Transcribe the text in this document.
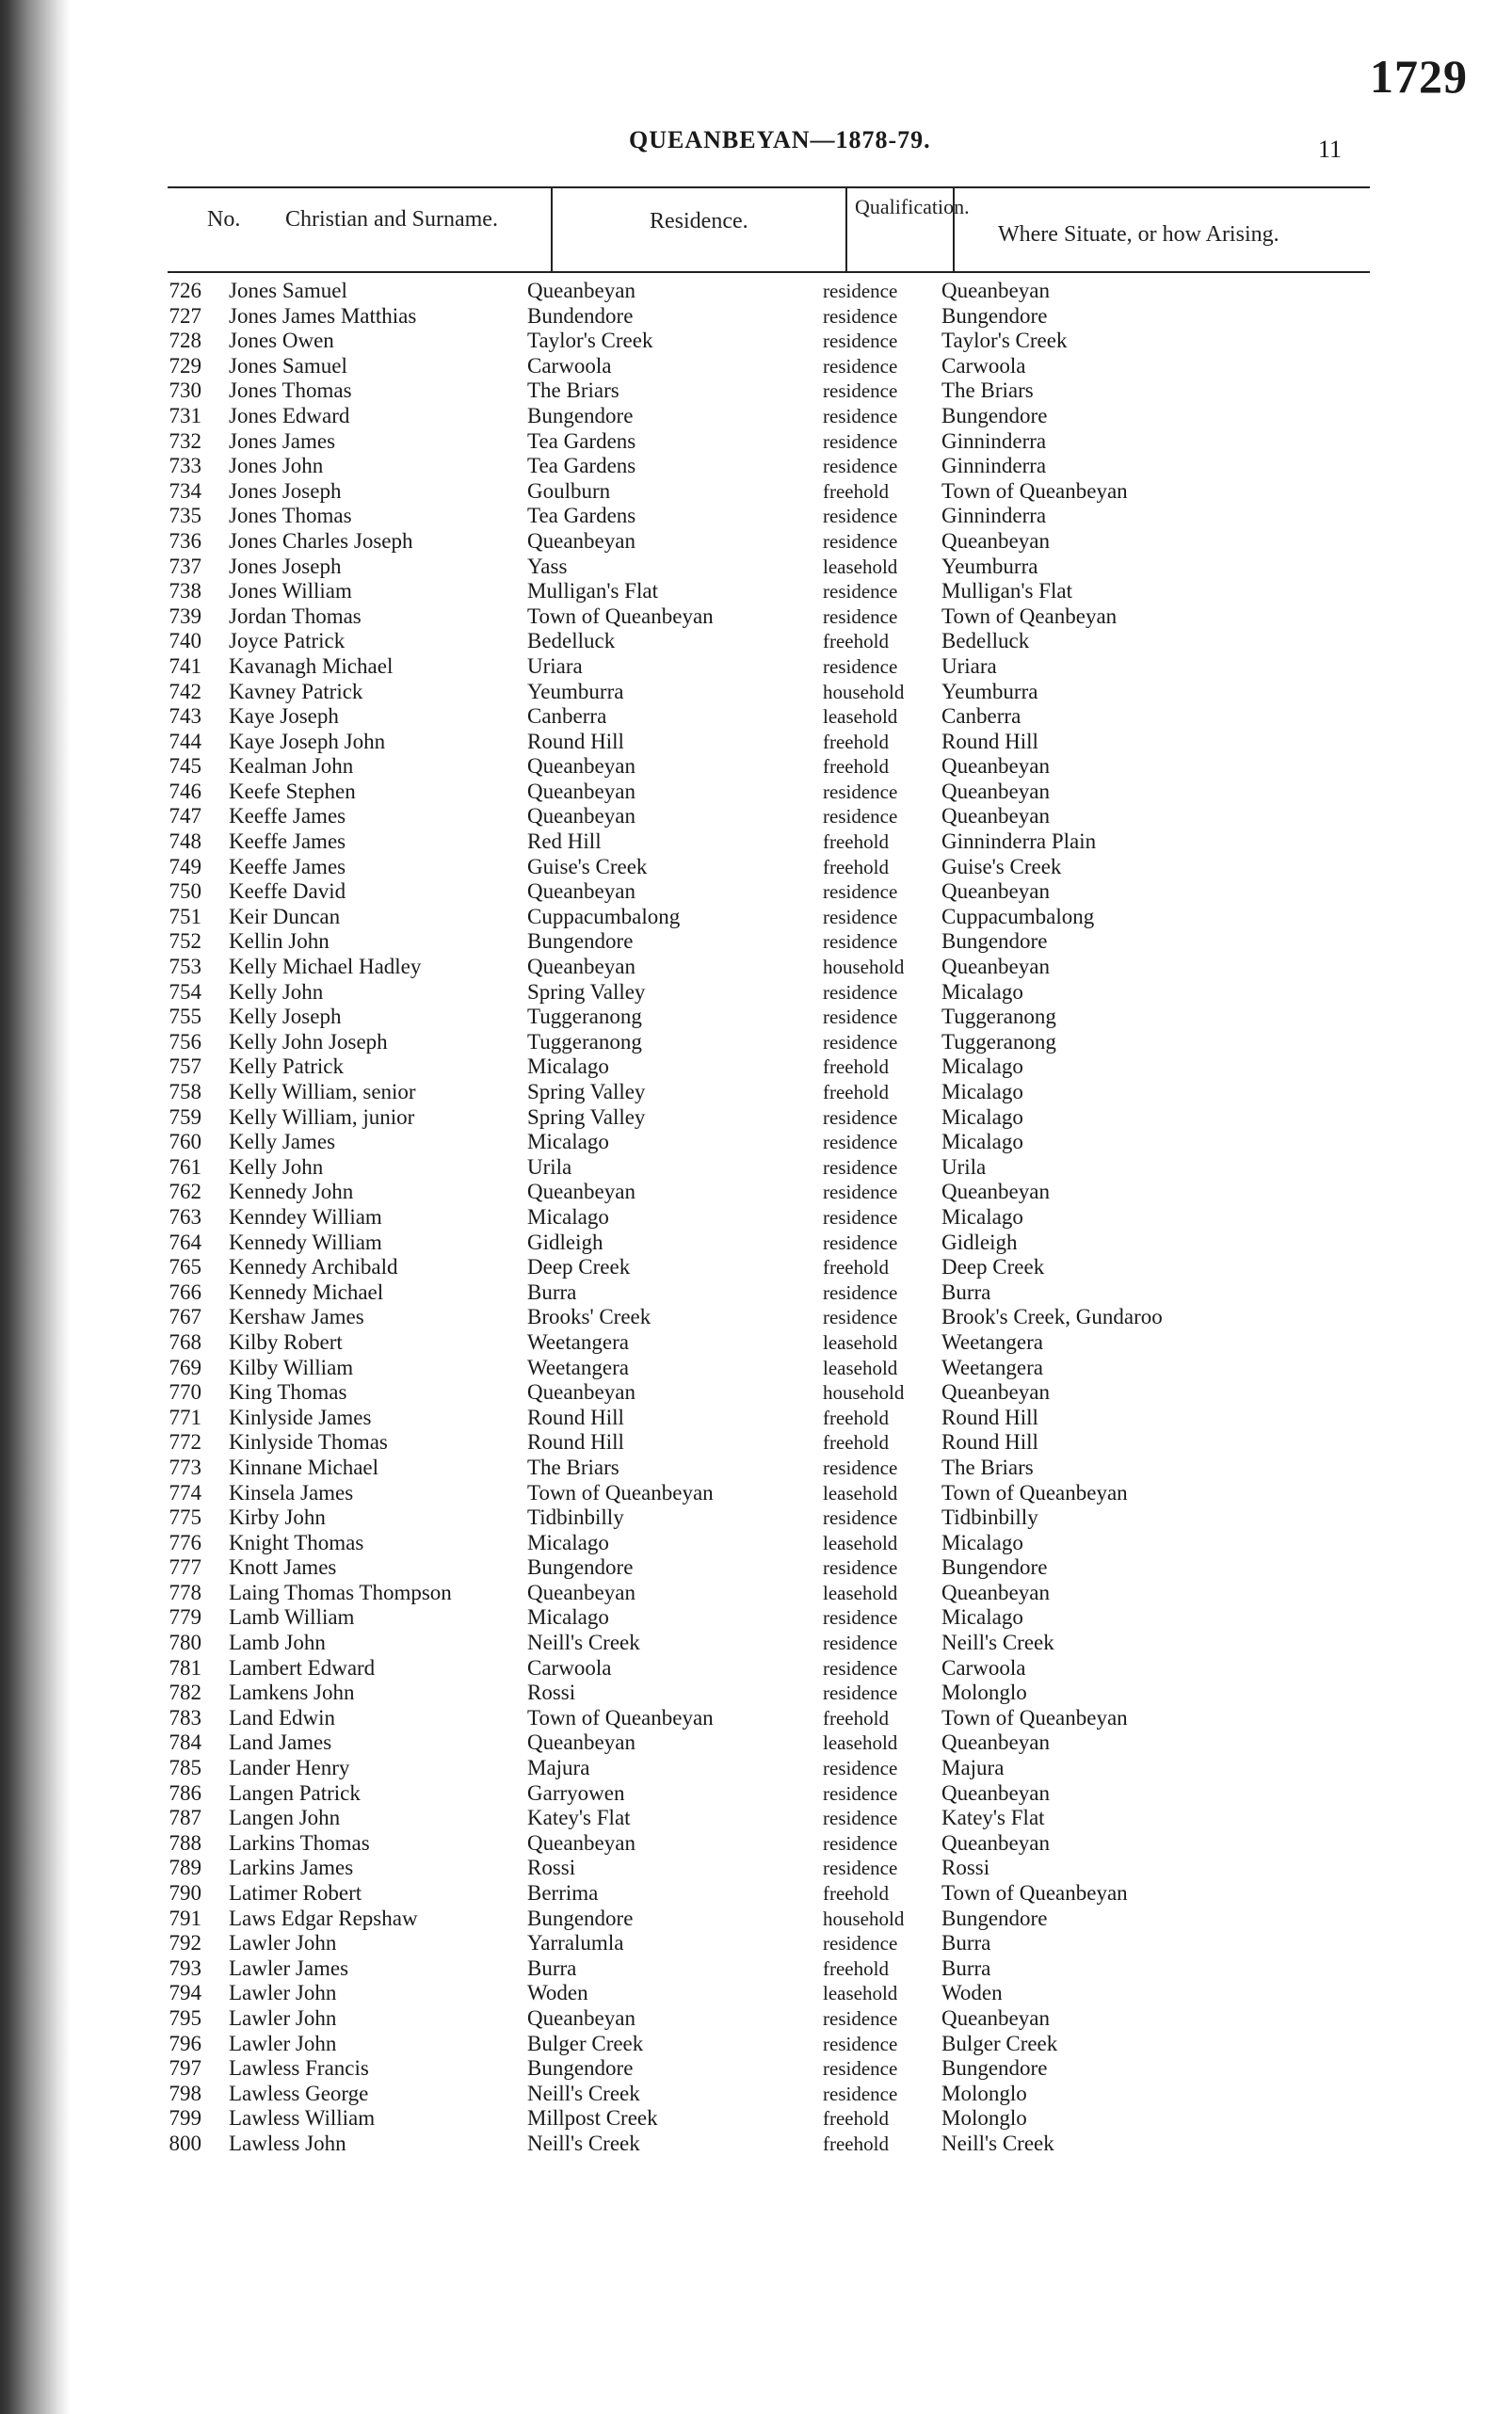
1729
QUEANBEYAN—1878-79.	11
No. Christian and Surname.	Residence.
Qualification.
Where Situate, or how Arising.
726 Jones Samuel	Queanbeyan	residence Queanbeyan
727 Jones James Matthias	Bundendore	residence Bungendore
728 Jones Owen	Taylor's Creek	residence Taylor's Creek
729 Jones Samuel	Carwoola	residence Carwoola
730 Jones Thomas	The Briars	residence The Briars
731 Jones Edward	Bungendore	residence Bungendore
732 Jones James	Tea Gardens	residence Ginninderra
733 Jones John	Tea Gardens	residence Ginninderra
734 Jones Joseph	Goulburn	freehold Town of Queanbeyan
735 Jones Thomas	Tea Gardens	residence Ginninderra
736 Jones Charles Joseph	Queanbeyan	residence Queanbeyan
737 Jones Joseph	Yass	leasehold Yeumburra
738 Jones William	Mulligan's Flat	residence Mulligan's Flat
739 Jordan Thomas	Town of Queanbeyan	residence Town of Qeanbeyan
740 Joyce Patrick	Bedelluck	freehold Bedelluck
741 Kavanagh Michael	Uriara	residence Uriara
742 Kavney Patrick	Yeumburra	household Yeumburra
743 Kaye Joseph	Canberra	leasehold Canberra
744 Kaye Joseph John	Round Hill	freehold Round Hill
745 Kealman John	Queanbeyan	freehold Queanbeyan
746 Keefe Stephen	Queanbeyan	residence Queanbeyan
747 Keeffe James	Queanbeyan	residence Queanbeyan
748 Keeffe James	Red Hill	freehold Ginninderra Plain
749 Keeffe James	Guise's Creek	freehold Guise's Creek
750 Keeffe David	Queanbeyan	residence Queanbeyan
751 Keir Duncan	Cuppacumbalong	residence Cuppacumbalong
752 Kellin John	Bungendore	residence Bungendore
753 Kelly Michael Hadley	Queanbeyan	household Queanbeyan
754 Kelly John	Spring Valley	residence Micalago
755 Kelly Joseph	Tuggeranong	residence Tuggeranong
756 Kelly John Joseph	Tuggeranong	residence Tuggeranong
757 Kelly Patrick	Micalago	freehold Micalago
758 Kelly William, senior	Spring Valley	freehold Micalago
759 Kelly William, junior	Spring Valley	residence Micalago
760 Kelly James	Micalago	residence Micalago
761 Kelly John	Urila	residence Urila
762 Kennedy John	Queanbeyan	residence Queanbeyan
763 Kenndey William	Micalago	residence Micalago
764 Kennedy William	Gidleigh	residence Gidleigh
765 Kennedy Archibald	Deep Creek	freehold Deep Creek
766 Kennedy Michael	Burra	residence Burra
767 Kershaw James	Brooks' Creek	residence Brook's Creek, Gundaroo
768 Kilby Robert	Weetangera	leasehold Weetangera
769 Kilby William	Weetangera	leasehold Weetangera
770 King Thomas	Queanbeyan	household Queanbeyan
771 Kinlyside James	Round Hill	freehold Round Hill
772 Kinlyside Thomas	Round Hill	freehold Round Hill
773 Kinnane Michael	The Briars	residence The Briars
774 Kinsela James	Town of Queanbeyan	leasehold Town of Queanbeyan
775 Kirby John	Tidbinbilly	residence Tidbinbilly
776 Knight Thomas	Micalago	leasehold Micalago
777 Knott James	Bungendore	residence Bungendore
778 Laing Thomas Thompson	Queanbeyan	leasehold Queanbeyan
779 Lamb William	Micalago	residence Micalago
780 Lamb John	Neill's Creek	residence Neill's Creek
781 Lambert Edward	Carwoola	residence Carwoola
782 Lamkens John	Rossi	residence Molonglo
783 Land Edwin	Town of Queanbeyan	freehold Town of Queanbeyan
784 Land James	Queanbeyan	leasehold Queanbeyan
785 Lander Henry	Majura	residence Majura
786 Langen Patrick	Garryowen	residence Queanbeyan
787 Langen John	Katey's Flat	residence Katey's Flat
788 Larkins Thomas	Queanbeyan	residence Queanbeyan
789 Larkins James	Rossi	residence Rossi
790 Latimer Robert	Berrima	freehold Town of Queanbeyan
791 Laws Edgar Repshaw	Bungendore	household Bungendore
792 Lawler John	Yarralumla	residence Burra
793 Lawler James	Burra	freehold Burra
794 Lawler John	Woden	leasehold Woden
795 Lawler John	Queanbeyan	residence Queanbeyan
796 Lawler John	Bulger Creek	residence Bulger Creek
797 Lawless Francis	Bungendore	residence Bungendore
798 Lawless George	Neill's Creek	residence Molonglo
799 Lawless William	Millpost Creek	freehold Molonglo
800 Lawless John	Neill's Creek	freehold Neill's Creek
